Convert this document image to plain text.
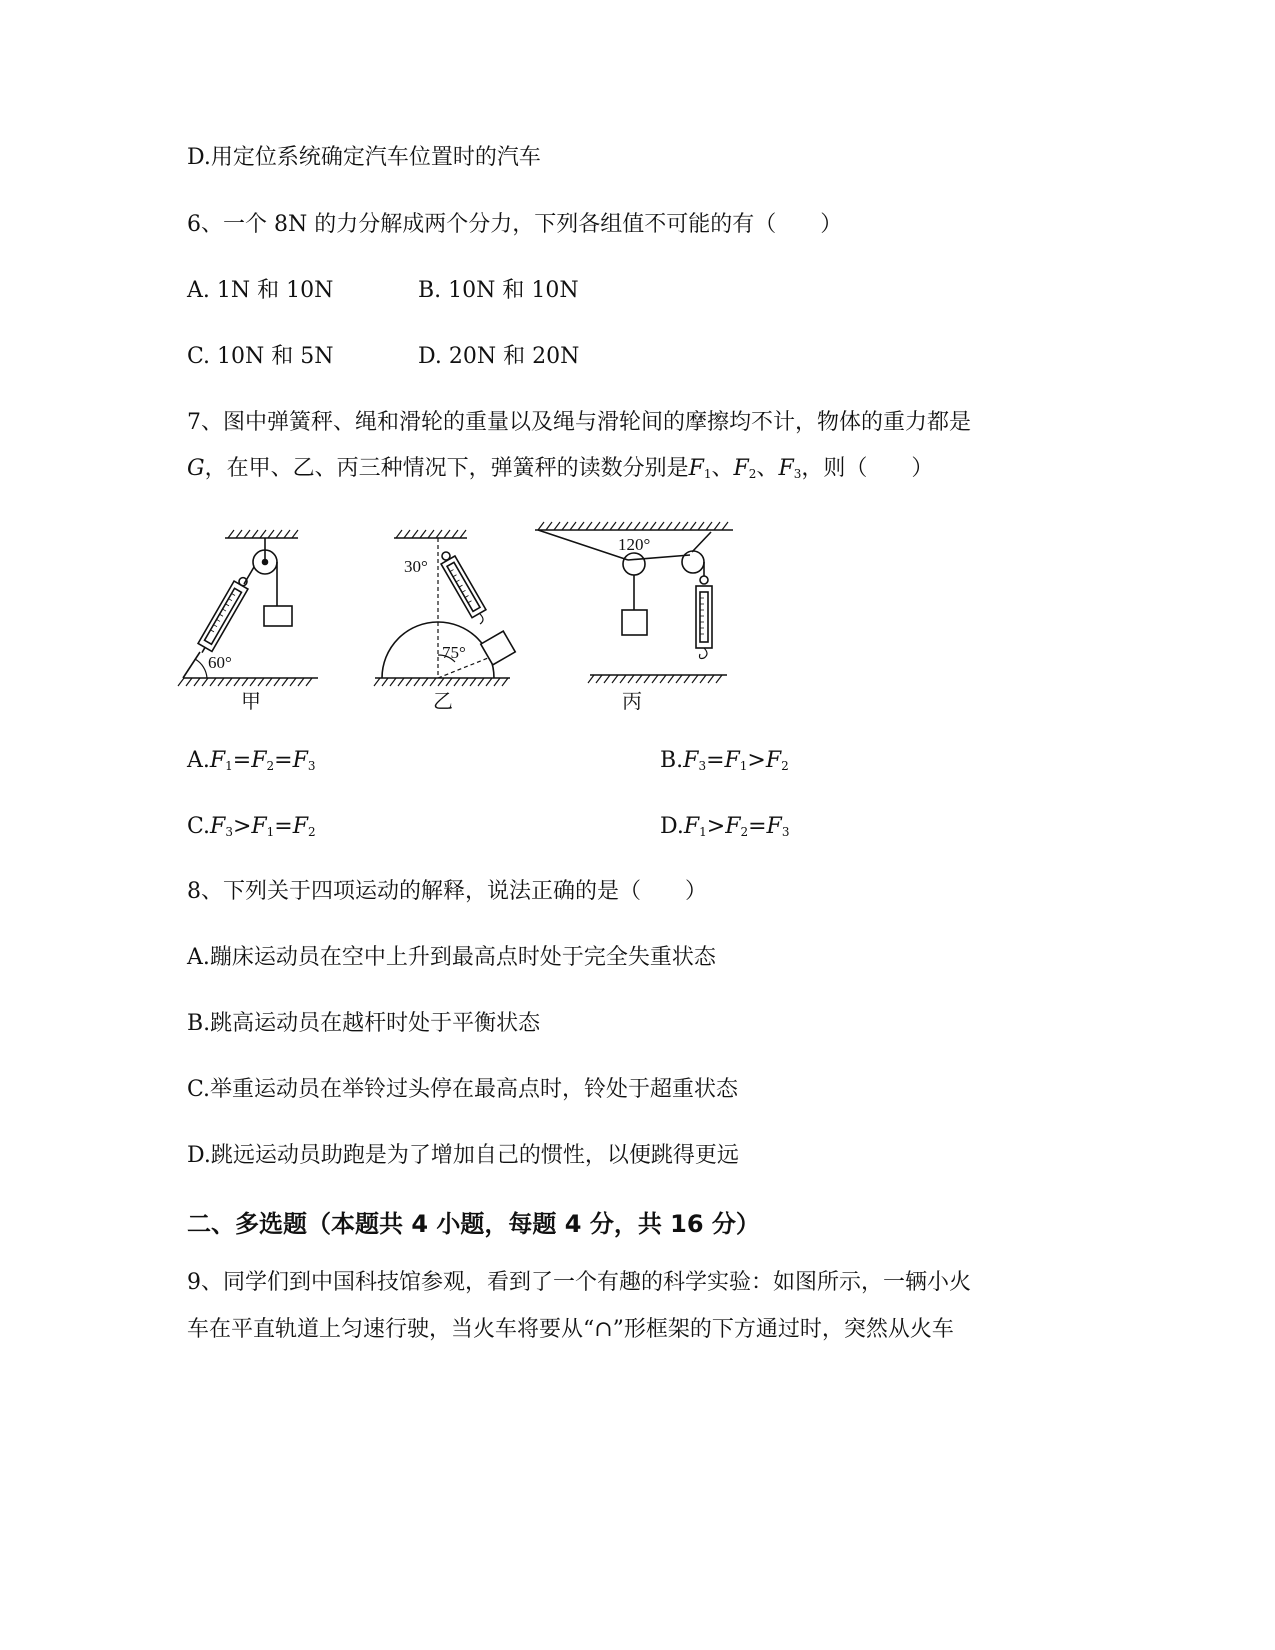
D.用定位系统确定汽车位置时的汽车
6、一个 8N 的力分解成两个分力，下列各组值不可能的有（　　）
A. 1N 和 10N	B. 10N 和 10N
C. 10N 和 5N	D. 20N 和 20N
7、图中弹簧秤、绳和滑轮的重量以及绳与滑轮间的摩擦均不计，物体的重力都是
G，在甲、乙、丙三种情况下，弹簧秤的读数分别是$F_1$、$F_2$、$F_3$，则（　　）
60°
30°
75°
120°
甲	乙	丙
$A.F_1=F_2=F_3$	$B.F_3=F_1>F_2$
$C.F_3>F_1=F_2$	$D.F_1>F_2=F_3$
8、下列关于四项运动的解释，说法正确的是（　　）
A.蹦床运动员在空中上升到最高点时处于完全失重状态
B.跳高运动员在越杆时处于平衡状态
C.举重运动员在举铃过头停在最高点时，铃处于超重状态
D.跳远运动员助跑是为了增加自己的惯性，以便跳得更远
二、多选题（本题共 4 小题，每题 4 分，共 16 分）
9、同学们到中国科技馆参观，看到了一个有趣的科学实验：如图所示，一辆小火
车在平直轨道上匀速行驶，当火车将要从“∩”形框架的下方通过时，突然从火车
